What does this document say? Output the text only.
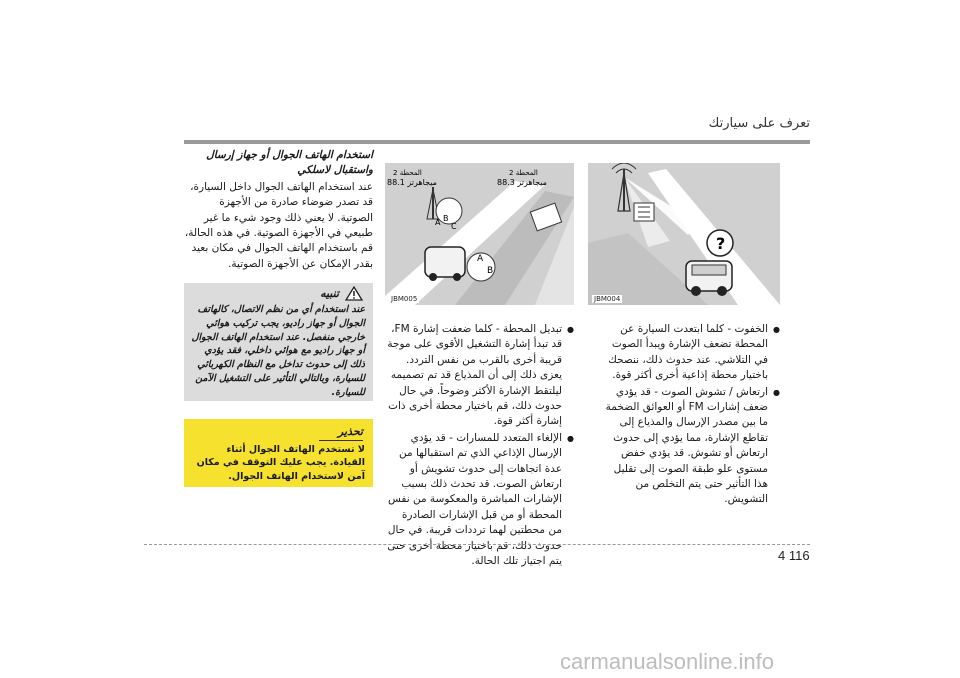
تعرف على سيارتك
?
JBM004
A B
C
A
B
المحطة 2
88.1 ميجاهرتز
المحطة 2
88.3 ميجاهرتز
JBM005

● الخفوت - كلما ابتعدت السيارة عن المحطة تضعف الإشارة ويبدأ الصوت في التلاشي. عند حدوث ذلك، ننصحك باختيار محطة إذاعية أخرى أكثر قوة.

● ارتعاش / تشوش الصوت - قد يؤدي ضعف إشارات FM أو العوائق الضخمة ما بين مصدر الإرسال والمذياع إلى تقاطع الإشارة، مما يؤدي إلى حدوث ارتعاش أو تشوش. قد يؤدي خفض مستوى علو طبقة الصوت إلى تقليل هذا التأثير حتى يتم التخلص من التشويش.

● تبديل المحطة - كلما ضعفت إشارة FM، قد تبدأ إشارة التشغيل الأقوى على موجة قريبة أخرى بالقرب من نفس التردد. يعزى ذلك إلى أن المذياع قد تم تصميمه ليلتقط الإشارة الأكثر وضوحاً. في حال حدوث ذلك، قم باختيار محطة أخرى ذات إشارة أكثر قوة.

● الإلغاء المتعدد للمسارات - قد يؤدي الإرسال الإذاعي الذي تم استقبالها من عدة اتجاهات إلى حدوث تشويش أو ارتعاش الصوت. قد تحدث ذلك بسبب الإشارات المباشرة والمعكوسة من نفس المحطة أو من قبل الإشارات الصادرة من محطتين لهما ترددات قريبة. في حال حدوث ذلك، قم باختيار محطة أخرى حتى يتم اجتياز تلك الحالة.

استخدام الهاتف الجوال أو جهاز إرسال واستقبال لاسلكي

عند استخدام الهاتف الجوال داخل السيارة، قد تصدر ضوضاء صادرة من الأجهزة الصوتية. لا يعني ذلك وجود شيء ما غير طبيعي في الأجهزة الصوتية. في هذه الحالة، قم باستخدام الهاتف الجوال في مكان بعيد بقدر الإمكان عن الأجهزة الصوتية.

تنبيه
عند استخدام أي من نظم الاتصال، كالهاتف الجوال أو جهاز راديو، يجب تركيب هوائي خارجي منفصل. عند استخدام الهاتف الجوال أو جهاز راديو مع هوائي داخلي، فقد يؤدي ذلك إلى حدوث تداخل مع النظام الكهربائي للسيارة، وبالتالي التأثير على التشغيل الآمن للسيارة.
تحذير
لا تستخدم الهاتف الجوال أثناء القيادة. يجب عليك التوقف في مكان آمن لاستخدام الهاتف الجوال.
4 116
carmanualsonline.info
